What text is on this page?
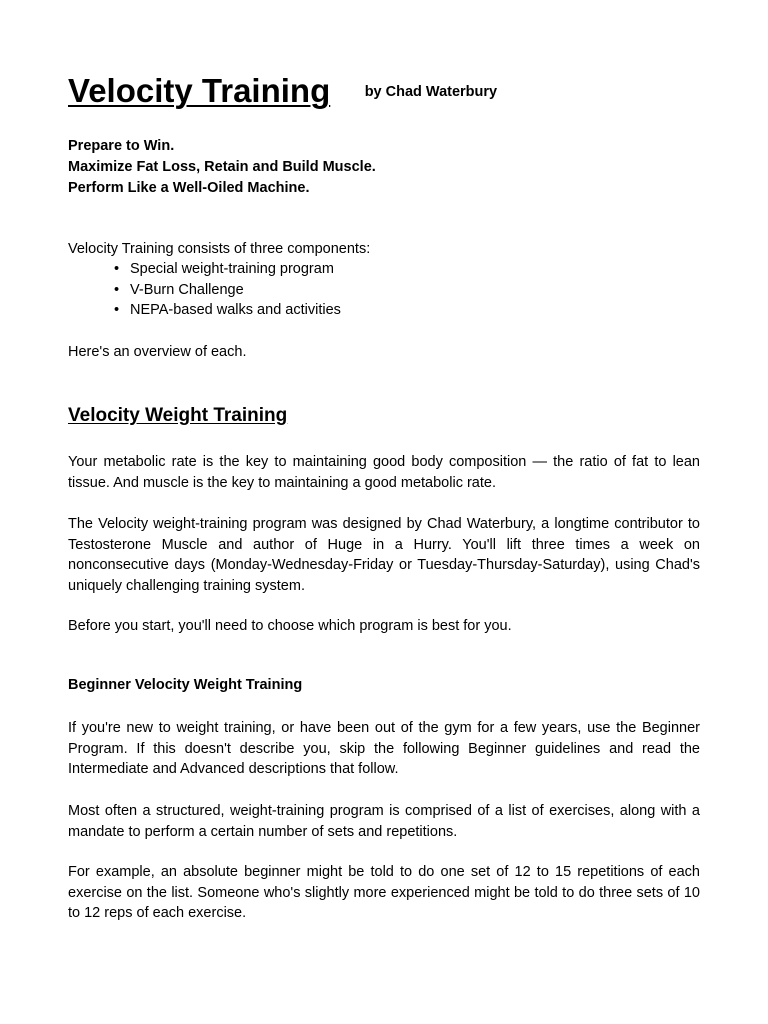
Velocity Training by Chad Waterbury
Prepare to Win.
Maximize Fat Loss, Retain and Build Muscle.
Perform Like a Well-Oiled Machine.

Velocity Training consists of three components:

• Special weight-training program
• V-Burn Challenge
• NEPA-based walks and activities

Here's an overview of each.

Velocity Weight Training

Your metabolic rate is the key to maintaining good body composition — the ratio of fat to lean tissue. And muscle is the key to maintaining a good metabolic rate.

The Velocity weight-training program was designed by Chad Waterbury, a longtime contributor to Testosterone Muscle and author of Huge in a Hurry. You'll lift three times a week on nonconsecutive days (Monday-Wednesday-Friday or Tuesday-Thursday-Saturday), using Chad's uniquely challenging training system.

Before you start, you'll need to choose which program is best for you.

Beginner Velocity Weight Training

If you're new to weight training, or have been out of the gym for a few years, use the Beginner Program. If this doesn't describe you, skip the following Beginner guidelines and read the Intermediate and Advanced descriptions that follow.

Most often a structured, weight-training program is comprised of a list of exercises, along with a mandate to perform a certain number of sets and repetitions.

For example, an absolute beginner might be told to do one set of 12 to 15 repetitions of each exercise on the list. Someone who's slightly more experienced might be told to do three sets of 10 to 12 reps of each exercise.
